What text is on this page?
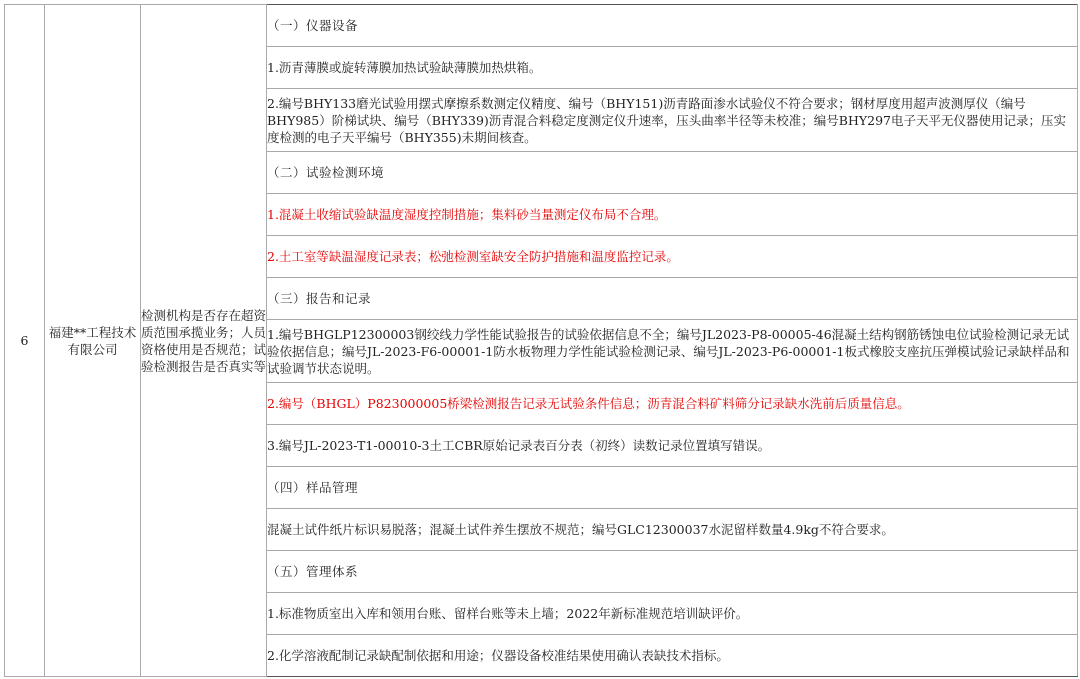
6	福建**工程技术有限公司	检测机构是否存在超资质范围承揽业务；人员资格使用是否规范；试验检测报告是否真实等	（一）仪器设备
1.沥青薄膜或旋转薄膜加热试验缺薄膜加热烘箱。
2.编号BHY133磨光试验用摆式摩擦系数测定仪精度、编号（BHY151)沥青路面渗水试验仪不符合要求；钢材厚度用超声波测厚仪（编号BHY985）阶梯试块、编号（BHY339)沥青混合料稳定度测定仪升速率，压头曲率半径等未校准；编号BHY297电子天平无仪器使用记录；压实度检测的电子天平编号（BHY355)未期间核查。
（二）试验检测环境
1.混凝土收缩试验缺温度湿度控制措施；集料砂当量测定仪布局不合理。
2.土工室等缺温湿度记录表；松弛检测室缺安全防护措施和温度监控记录。
（三）报告和记录
1.编号BHGLP12300003钢绞线力学性能试验报告的试验依据信息不全；编号JL2023-P8-00005-46混凝土结构钢筋锈蚀电位试验检测记录无试验依据信息；编号JL-2023-F6-00001-1防水板物理力学性能试验检测记录、编号JL-2023-P6-00001-1板式橡胶支座抗压弹模试验记录缺样品和试验调节状态说明。
2.编号（BHGL）P823000005桥梁检测报告记录无试验条件信息；沥青混合料矿料筛分记录缺水洗前后质量信息。
3.编号JL-2023-T1-00010-3土工CBR原始记录表百分表（初终）读数记录位置填写错误。
（四）样品管理
混凝土试件纸片标识易脱落；混凝土试件养生摆放不规范；编号GLC12300037水泥留样数量4.9kg不符合要求。
（五）管理体系
1.标准物质室出入库和领用台账、留样台账等未上墙；2022年新标准规范培训缺评价。
2.化学溶液配制记录缺配制依据和用途；仪器设备校准结果使用确认表缺技术指标。
